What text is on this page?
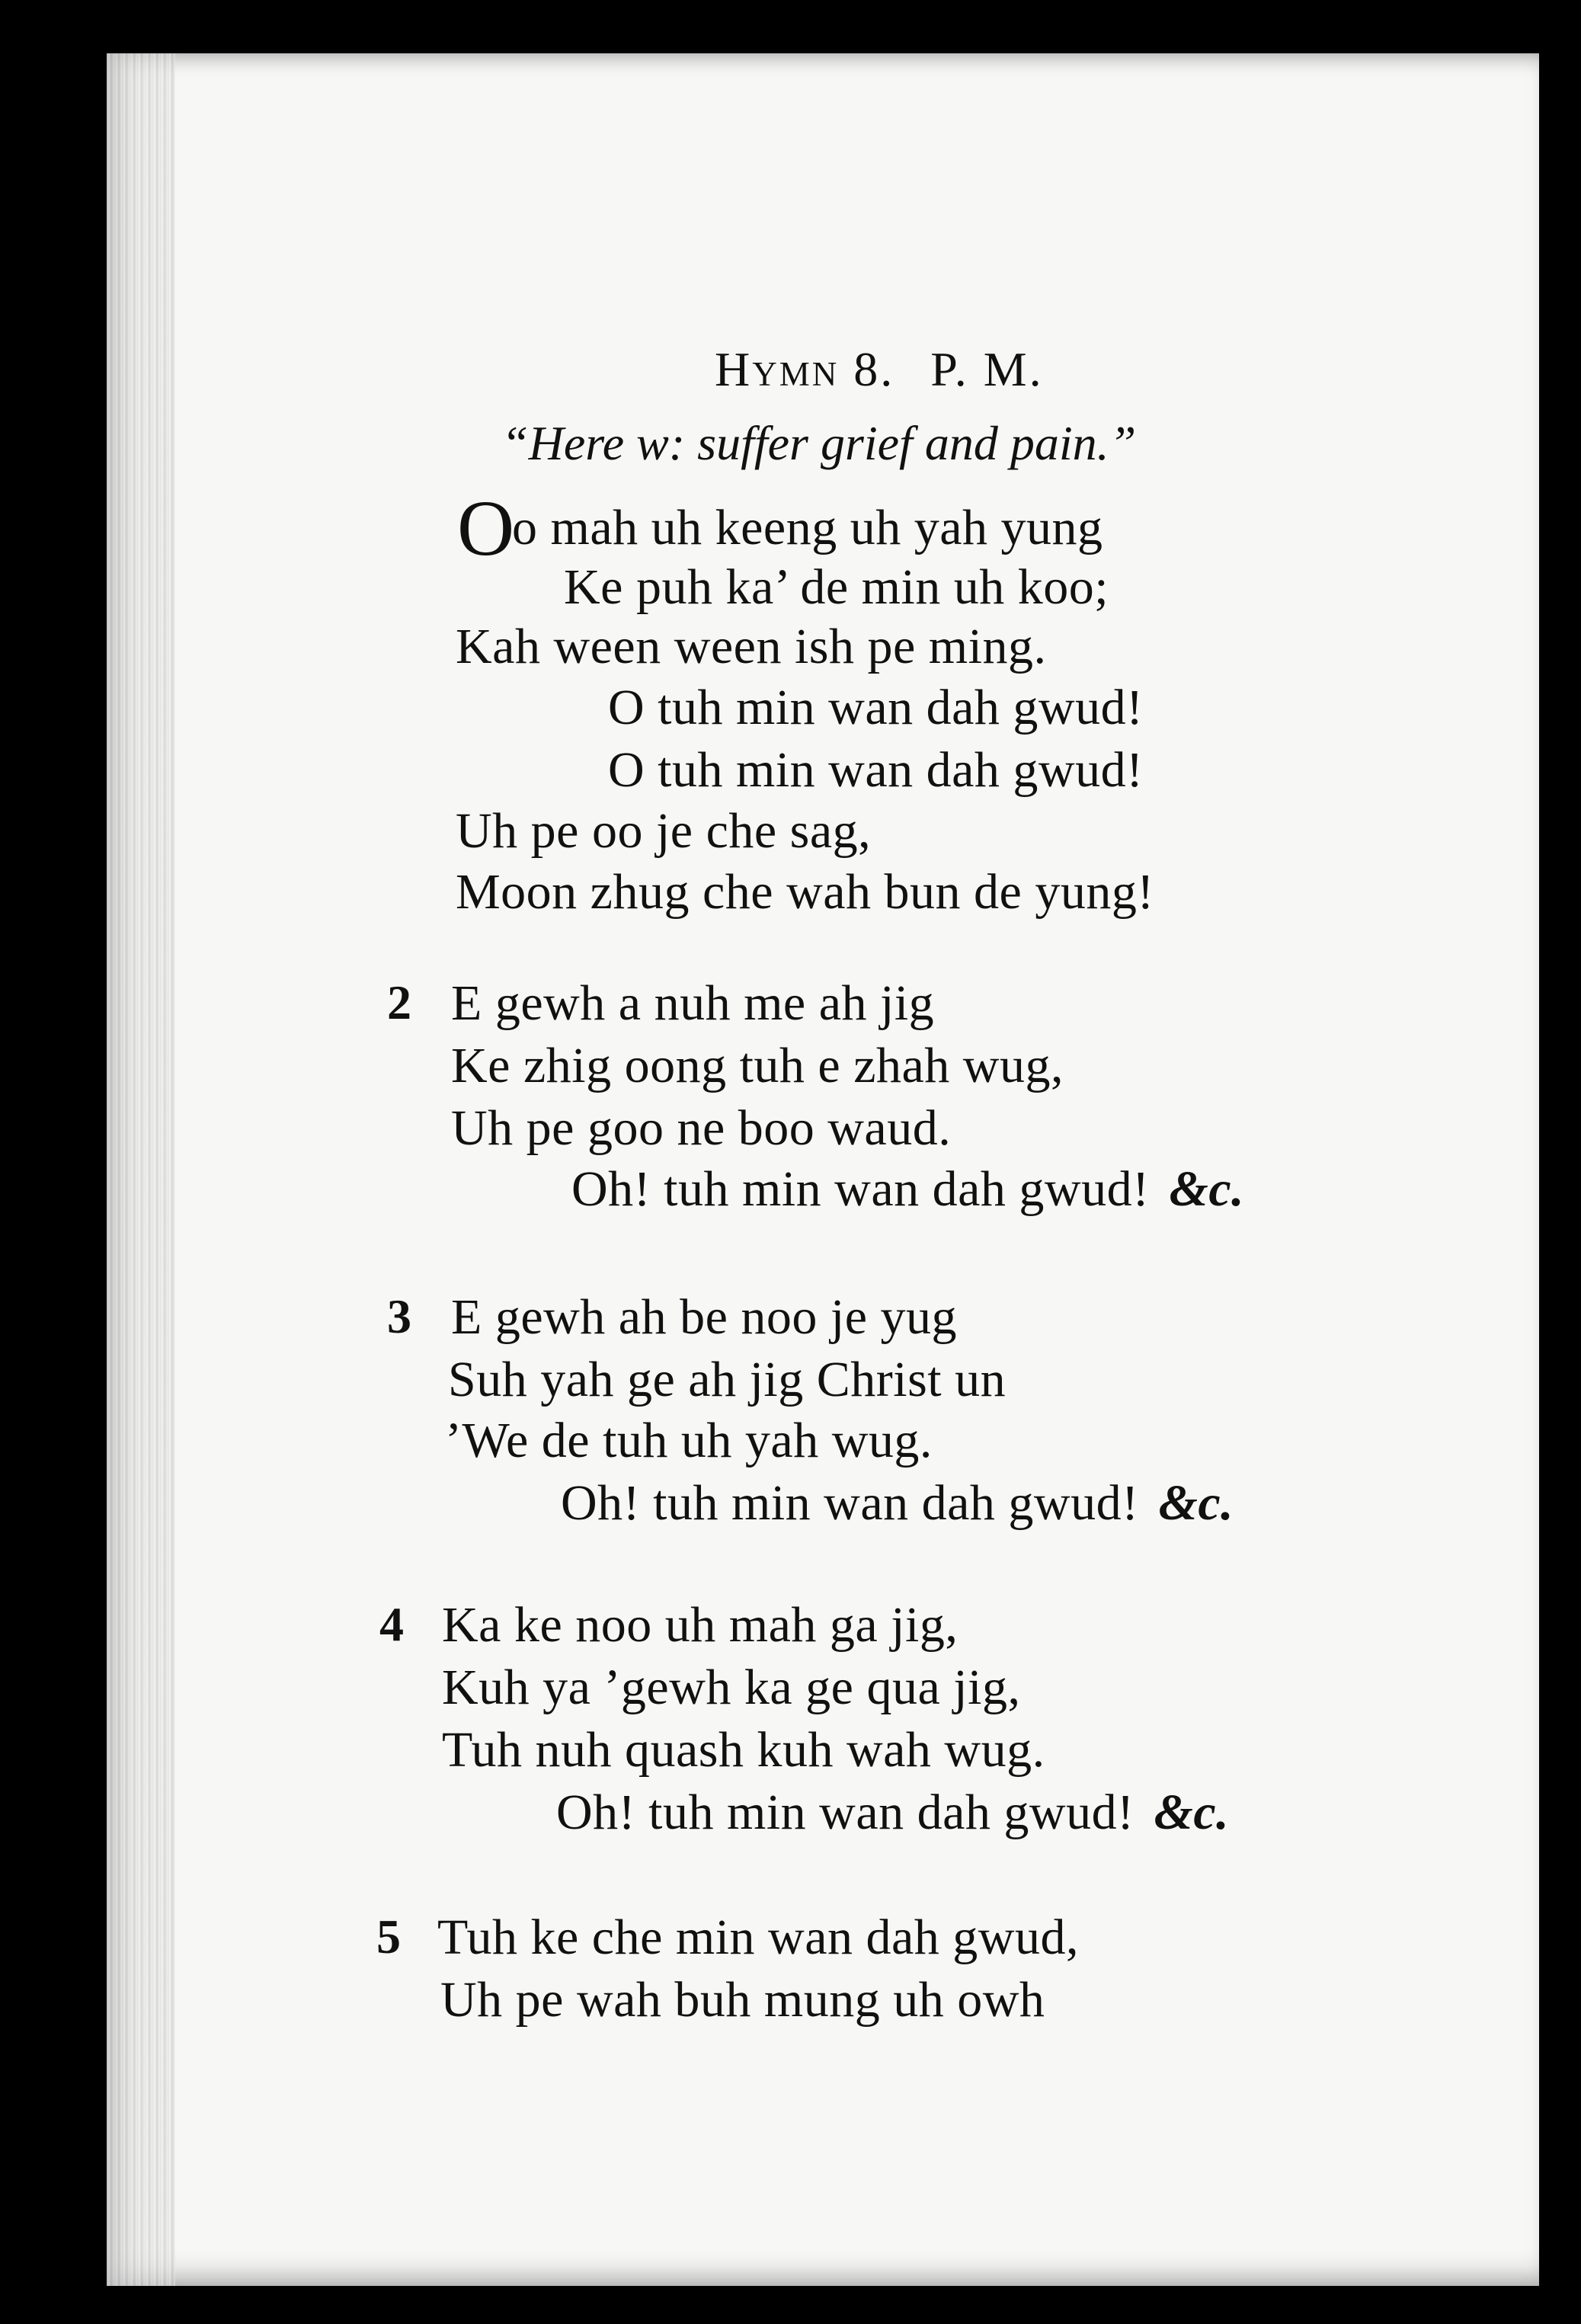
Hymn 8. P. M.
“Here w: suffer grief and pain.”
O
o mah uh keeng uh yah yung
Ke puh ka’ de min uh koo;
Kah ween ween ish pe ming.
O tuh min wan dah gwud!
O tuh min wan dah gwud!
Uh pe oo je che sag,
Moon zhug che wah bun de yung!
2 E gewh a nuh me ah jig
Ke zhig oong tuh e zhah wug,
Uh pe goo ne boo waud.
Oh! tuh min wan dah gwud! &c.
3 E gewh ah be noo je yug
Suh yah ge ah jig Christ un
’We de tuh uh yah wug.
Oh! tuh min wan dah gwud! &c.
4 Ka ke noo uh mah ga jig,
Kuh ya ’gewh ka ge qua jig,
Tuh nuh quash kuh wah wug.
Oh! tuh min wan dah gwud! &c.
5 Tuh ke che min wan dah gwud,
Uh pe wah buh mung uh owh
